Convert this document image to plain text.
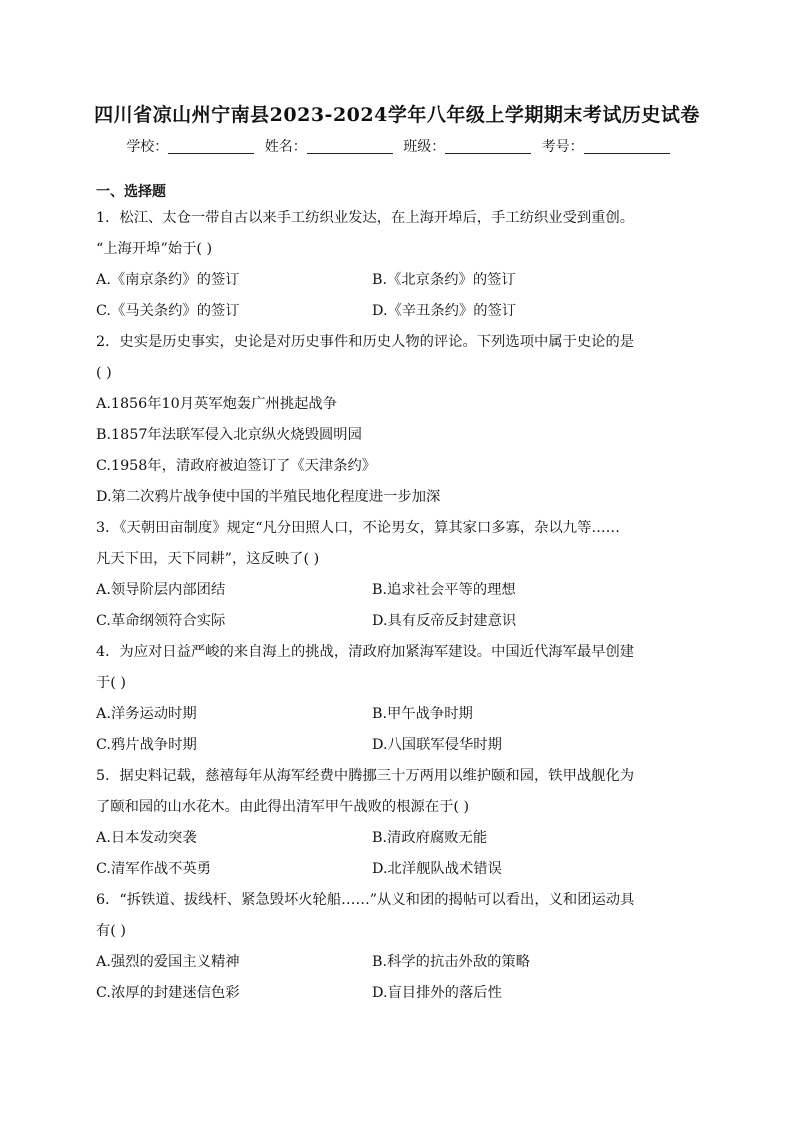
四川省凉山州宁南县2023-2024学年八年级上学期期末考试历史试卷
学校：	姓名：	班级：	考号：
一、选择题
1．松江、太仓一带自古以来手工纺织业发达，在上海开埠后，手工纺织业受到重创。
“上海开埠”始于( )
A.《南京条约》的签订	B.《北京条约》的签订
C.《马关条约》的签订	D.《辛丑条约》的签订
2．史实是历史事实，史论是对历史事件和历史人物的评论。下列选项中属于史论的是
( )
A.1856年10月英军炮轰广州挑起战争
B.1857年法联军侵入北京纵火烧毁圆明园
C.1958年，清政府被迫签订了《天津条约》
D.第二次鸦片战争使中国的半殖民地化程度进一步加深
3．《天朝田亩制度》规定“凡分田照人口，不论男女，算其家口多寡，杂以九等……
凡天下田，天下同耕”，这反映了( )
A.领导阶层内部团结	B.追求社会平等的理想
C.革命纲领符合实际	D.具有反帝反封建意识
4．为应对日益严峻的来自海上的挑战，清政府加紧海军建设。中国近代海军最早创建
于( )
A.洋务运动时期	B.甲午战争时期
C.鸦片战争时期	D.八国联军侵华时期
5．据史料记载，慈禧每年从海军经费中腾挪三十万两用以维护颐和园，铁甲战舰化为
了颐和园的山水花木。由此得出清军甲午战败的根源在于( )
A.日本发动突袭	B.清政府腐败无能
C.清军作战不英勇	D.北洋舰队战术错误
6．“拆铁道、拔线杆、紧急毁坏火轮船……”从义和团的揭帖可以看出，义和团运动具
有( )
A.强烈的爱国主义精神	B.科学的抗击外敌的策略
C.浓厚的封建迷信色彩	D.盲目排外的落后性
